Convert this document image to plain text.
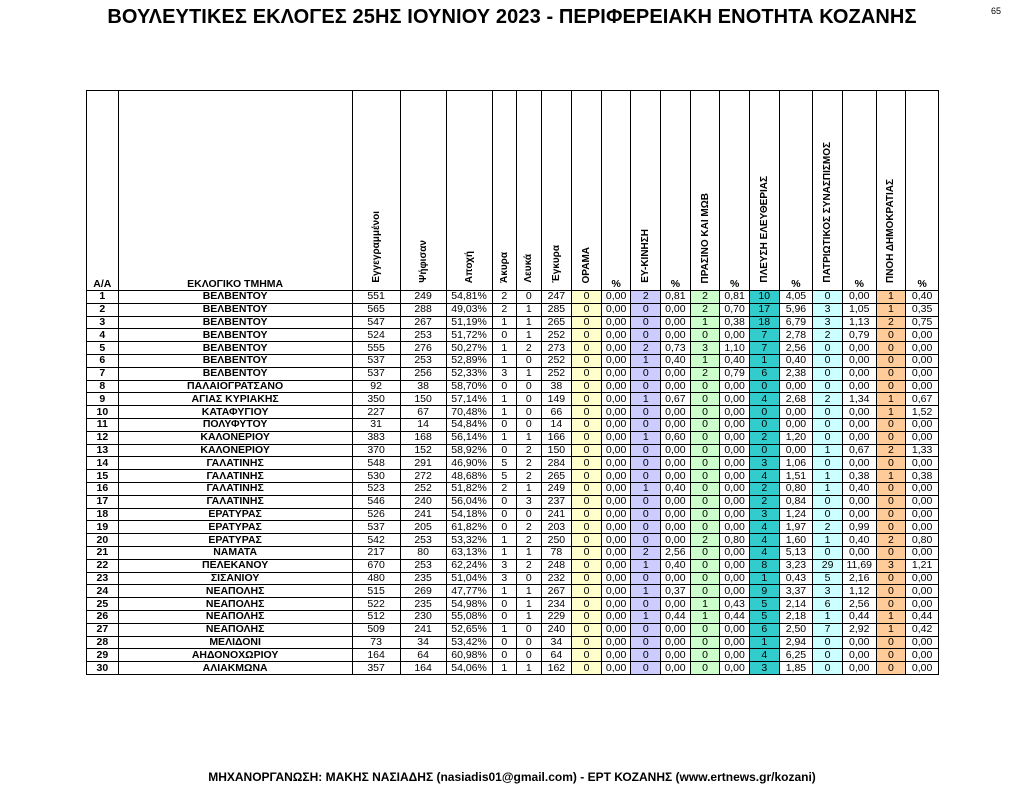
ΒΟΥΛΕΥΤΙΚΕΣ ΕΚΛΟΓΕΣ 25ΗΣ ΙΟΥΝΙΟΥ 2023 - ΠΕΡΙΦΕΡΕΙΑΚΗ ΕΝΟΤΗΤΑ ΚΟΖΑΝΗΣ	65
Α/Α	ΕΚΛΟΓΙΚΟ ΤΜΗΜΑ	Εγγεγραμμένοι	Ψήφισαν	Αποχή	Άκυρα	Λευκά	Έγκυρα	ΟΡΑΜΑ	%	ΕΥ-ΚΙΝΗΣΗ	%	ΠΡΑΣΙΝΟ ΚΑΙ ΜΩΒ	%	ΠΛΕΥΣΗ ΕΛΕΥΘΕΡΙΑΣ	%	ΠΑΤΡΙΩΤΙΚΟΣ ΣΥΝΑΣΠΙΣΜΟΣ	%	ΠΝΟΗ ΔΗΜΟΚΡΑΤΙΑΣ	%
1	ΒΕΛΒΕΝΤΟΥ	551	249	54,81%	2	0	247	0	0,00	2	0,81	2	0,81	10	4,05	0	0,00	1	0,40
2	ΒΕΛΒΕΝΤΟΥ	565	288	49,03%	2	1	285	0	0,00	0	0,00	2	0,70	17	5,96	3	1,05	1	0,35
3	ΒΕΛΒΕΝΤΟΥ	547	267	51,19%	1	1	265	0	0,00	0	0,00	1	0,38	18	6,79	3	1,13	2	0,75
4	ΒΕΛΒΕΝΤΟΥ	524	253	51,72%	0	1	252	0	0,00	0	0,00	0	0,00	7	2,78	2	0,79	0	0,00
5	ΒΕΛΒΕΝΤΟΥ	555	276	50,27%	1	2	273	0	0,00	2	0,73	3	1,10	7	2,56	0	0,00	0	0,00
6	ΒΕΛΒΕΝΤΟΥ	537	253	52,89%	1	0	252	0	0,00	1	0,40	1	0,40	1	0,40	0	0,00	0	0,00
7	ΒΕΛΒΕΝΤΟΥ	537	256	52,33%	3	1	252	0	0,00	0	0,00	2	0,79	6	2,38	0	0,00	0	0,00
8	ΠΑΛΑΙΟΓΡΑΤΣΑΝΟ	92	38	58,70%	0	0	38	0	0,00	0	0,00	0	0,00	0	0,00	0	0,00	0	0,00
9	ΑΓΙΑΣ ΚΥΡΙΑΚΗΣ	350	150	57,14%	1	0	149	0	0,00	1	0,67	0	0,00	4	2,68	2	1,34	1	0,67
10	ΚΑΤΑΦΥΓΙΟΥ	227	67	70,48%	1	0	66	0	0,00	0	0,00	0	0,00	0	0,00	0	0,00	1	1,52
11	ΠΟΛΥΦΥΤΟΥ	31	14	54,84%	0	0	14	0	0,00	0	0,00	0	0,00	0	0,00	0	0,00	0	0,00
12	ΚΑΛΟΝΕΡΙΟΥ	383	168	56,14%	1	1	166	0	0,00	1	0,60	0	0,00	2	1,20	0	0,00	0	0,00
13	ΚΑΛΟΝΕΡΙΟΥ	370	152	58,92%	0	2	150	0	0,00	0	0,00	0	0,00	0	0,00	1	0,67	2	1,33
14	ΓΑΛΑΤΙΝΗΣ	548	291	46,90%	5	2	284	0	0,00	0	0,00	0	0,00	3	1,06	0	0,00	0	0,00
15	ΓΑΛΑΤΙΝΗΣ	530	272	48,68%	5	2	265	0	0,00	0	0,00	0	0,00	4	1,51	1	0,38	1	0,38
16	ΓΑΛΑΤΙΝΗΣ	523	252	51,82%	2	1	249	0	0,00	1	0,40	0	0,00	2	0,80	1	0,40	0	0,00
17	ΓΑΛΑΤΙΝΗΣ	546	240	56,04%	0	3	237	0	0,00	0	0,00	0	0,00	2	0,84	0	0,00	0	0,00
18	ΕΡΑΤΥΡΑΣ	526	241	54,18%	0	0	241	0	0,00	0	0,00	0	0,00	3	1,24	0	0,00	0	0,00
19	ΕΡΑΤΥΡΑΣ	537	205	61,82%	0	2	203	0	0,00	0	0,00	0	0,00	4	1,97	2	0,99	0	0,00
20	ΕΡΑΤΥΡΑΣ	542	253	53,32%	1	2	250	0	0,00	0	0,00	2	0,80	4	1,60	1	0,40	2	0,80
21	ΝΑΜΑΤΑ	217	80	63,13%	1	1	78	0	0,00	2	2,56	0	0,00	4	5,13	0	0,00	0	0,00
22	ΠΕΛΕΚΑΝΟΥ	670	253	62,24%	3	2	248	0	0,00	1	0,40	0	0,00	8	3,23	29	11,69	3	1,21
23	ΣΙΣΑΝΙΟΥ	480	235	51,04%	3	0	232	0	0,00	0	0,00	0	0,00	1	0,43	5	2,16	0	0,00
24	ΝΕΑΠΟΛΗΣ	515	269	47,77%	1	1	267	0	0,00	1	0,37	0	0,00	9	3,37	3	1,12	0	0,00
25	ΝΕΑΠΟΛΗΣ	522	235	54,98%	0	1	234	0	0,00	0	0,00	1	0,43	5	2,14	6	2,56	0	0,00
26	ΝΕΑΠΟΛΗΣ	512	230	55,08%	0	1	229	0	0,00	1	0,44	1	0,44	5	2,18	1	0,44	1	0,44
27	ΝΕΑΠΟΛΗΣ	509	241	52,65%	1	0	240	0	0,00	0	0,00	0	0,00	6	2,50	7	2,92	1	0,42
28	ΜΕΛΙΔΟΝΙ	73	34	53,42%	0	0	34	0	0,00	0	0,00	0	0,00	1	2,94	0	0,00	0	0,00
29	ΑΗΔΟΝΟΧΩΡΙΟΥ	164	64	60,98%	0	0	64	0	0,00	0	0,00	0	0,00	4	6,25	0	0,00	0	0,00
30	ΑΛΙΑΚΜΩΝΑ	357	164	54,06%	1	1	162	0	0,00	0	0,00	0	0,00	3	1,85	0	0,00	0	0,00
ΜΗΧΑΝΟΡΓΑΝΩΣΗ: ΜΑΚΗΣ ΝΑΣΙΑΔΗΣ (nasiadis01@gmail.com) - ΕΡΤ ΚΟΖΑΝΗΣ (www.ertnews.gr/kozani)
